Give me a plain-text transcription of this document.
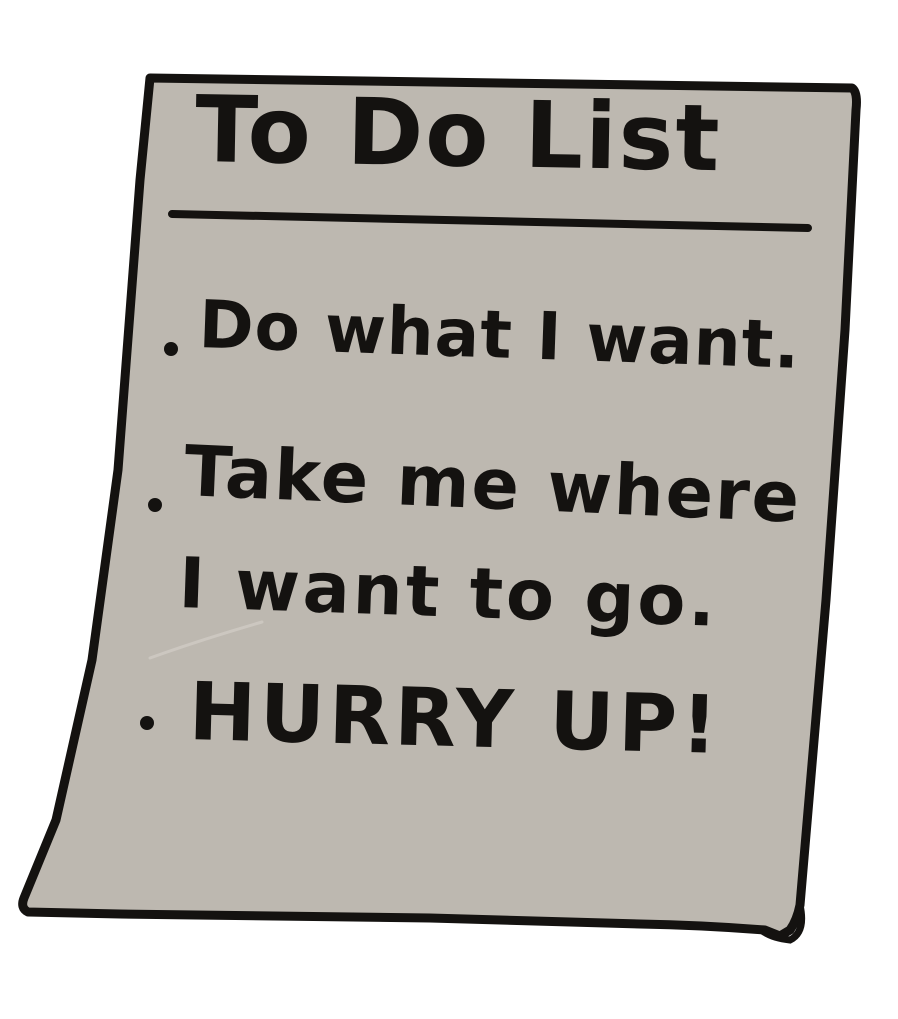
To Do List
Do what I want.
Take me where
I want to go.
HURRY UP!
